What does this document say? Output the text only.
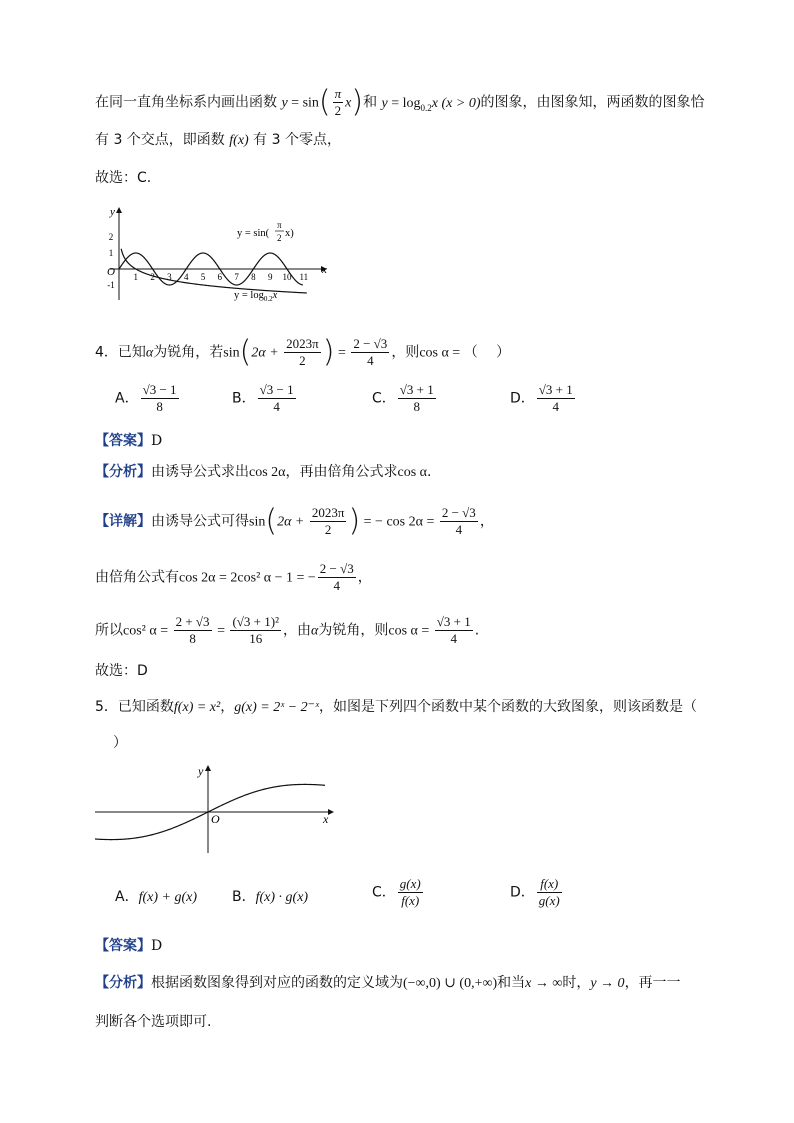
在同一直角坐标系内画出函数 $y = \sin( \frac{\pi}{2} x)$和 $y = \log_{0.2}x$ (x > 0)的图象，由图象知，两函数的图象恰
有 3 个交点，即函数 f(x) 有 3 个零点，
故选：C.
y
x
O
2
1
-1
1 2 3 4 5 6 7 8 9 10 11
y = sin(
π
2 x)
$y = \log_{0.2}x$
4．已知α为锐角，若$\sin(2\alpha + \frac{2023\pi}{2}$ ) = $\frac{2 - √3}{4}$ ，则cos α = （　 ）
A． $\frac{√3 - 1}{8}$	B． $\frac{√3 - 1}{4}$	C． $\frac{√3 + 1}{8}$	D． $\frac{√3 + 1}{4}$
【答案】D
【分析】由诱导公式求出cos 2α，再由倍角公式求cos α.
【详解】由诱导公式可得$\sin(2\alpha + \frac{2023\pi}{2}$ ) = − $\cos 2\alpha = \frac{2 - √3}{4}$ ，
由倍角公式有cos 2α = 2cos² α − 1 = − $\frac{2 - √3}{4}$ ，
所以cos² $\alpha = \frac{2 + √3}{8} = \frac{\text{(√3 + 1)²}}{16}$ ，由α为锐角，则$\cos \alpha = \frac{√3 + 1}{4}$ .
故选：D
5．已知函数f(x) = x²，g(x) = 2ˣ − 2⁻ˣ，如图是下列四个函数中某个函数的大致图象，则该函数是（
）
y
x
O
A．f(x) + g(x)	B．f(x) · g(x)	C． $\frac{g(x)}{f(x)}$	D． $\frac{f(x)}{g(x)}$
【答案】D
【分析】根据函数图象得到对应的函数的定义域为(−∞,0) ∪ (0,+∞)和当x → ∞时，y → 0，再一一
判断各个选项即可.
